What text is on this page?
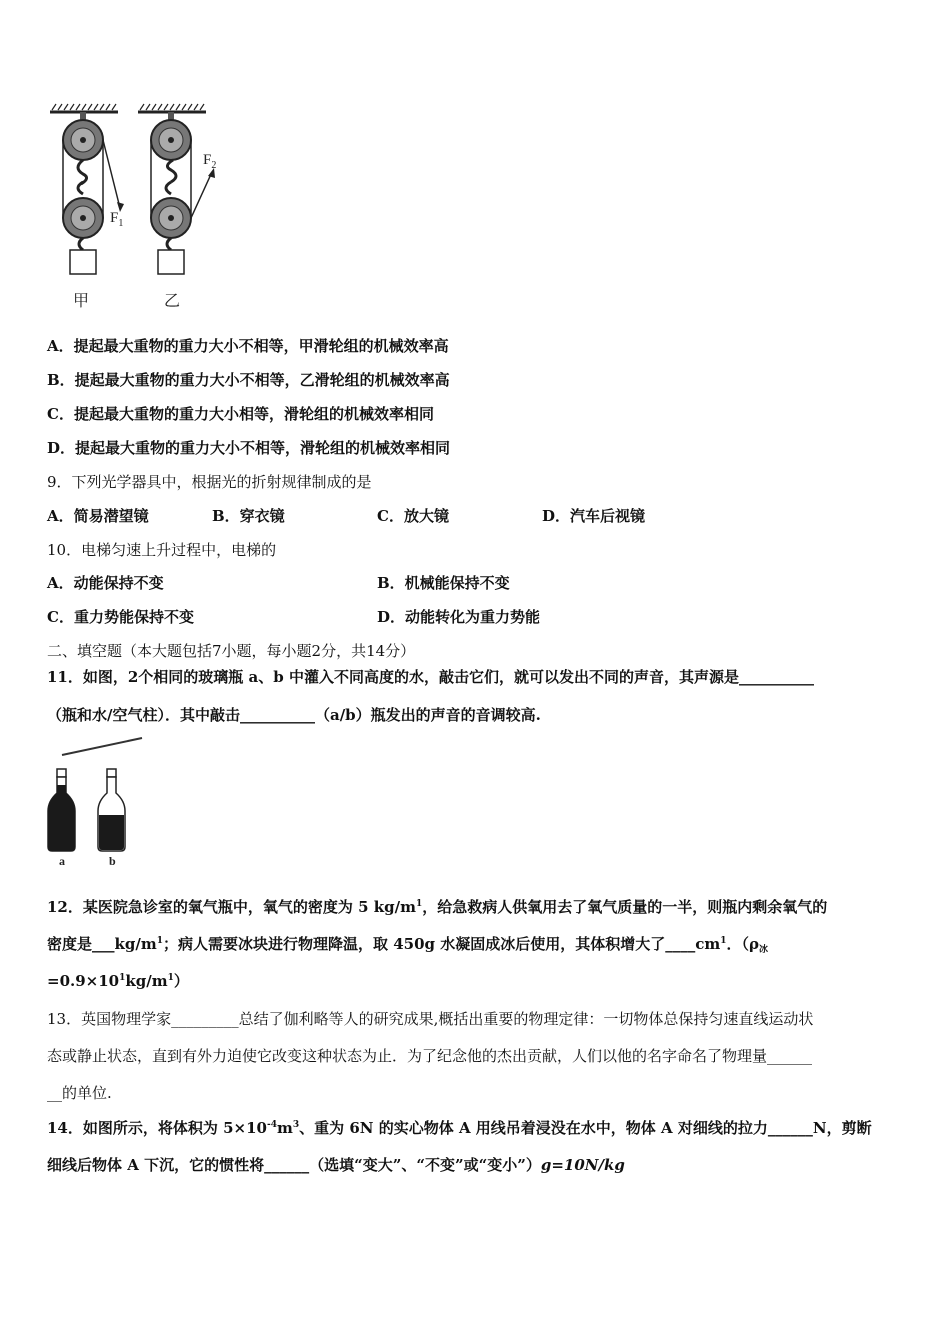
$F_1$
$F_2$
甲	乙
A．提起最大重物的重力大小不相等，甲滑轮组的机械效率高
B．提起最大重物的重力大小不相等，乙滑轮组的机械效率高
C．提起最大重物的重力大小相等，滑轮组的机械效率相同
D．提起最大重物的重力大小不相等，滑轮组的机械效率相同
9．下列光学器具中，根据光的折射规律制成的是
A．简易潜望镜	B．穿衣镜	C．放大镜	D．汽车后视镜
10．电梯匀速上升过程中，电梯的
A．动能保持不变	B．机械能保持不变
C．重力势能保持不变	D．动能转化为重力势能
二、填空题（本大题包括7小题，每小题2分，共14分）
11．如图，2个相同的玻璃瓶 a、b 中灌入不同高度的水，敲击它们，就可以发出不同的声音，其声源是__________
（瓶和水/空气柱）．其中敲击__________（a/b）瓶发出的声音的音调较高.
a	b
12．某医院急诊室的氧气瓶中，氧气的密度为 5 $kg/m^1$，给急救病人供氧用去了氧气质量的一半，则瓶内剩余氧气的
密度是$\_\_\_kg/m^1$；病人需要冰块进行物理降温，取 450g 水凝固成冰后使用，其体积增大了$\_\_\_\_cm^1$．（$\rho_冰$
$=0.9\times 10^1kg/m^1$）
13．英国物理学家_________总结了伽利略等人的研究成果,概括出重要的物理定律：一切物体总保持匀速直线运动状
态或静止状态，直到有外力迫使它改变这种状态为止．为了纪念他的杰出贡献，人们以他的名字命名了物理量______
__的单位.
14．如图所示，将体积为 $5\times 10^{-4}m^3$、重为 6N 的实心物体 A 用线吊着浸没在水中，物体 A 对细线的拉力______N，剪断
细线后物体 A 下沉，它的惯性将______（选填“变大”、“不变”或“变小”）g=10N/kg
